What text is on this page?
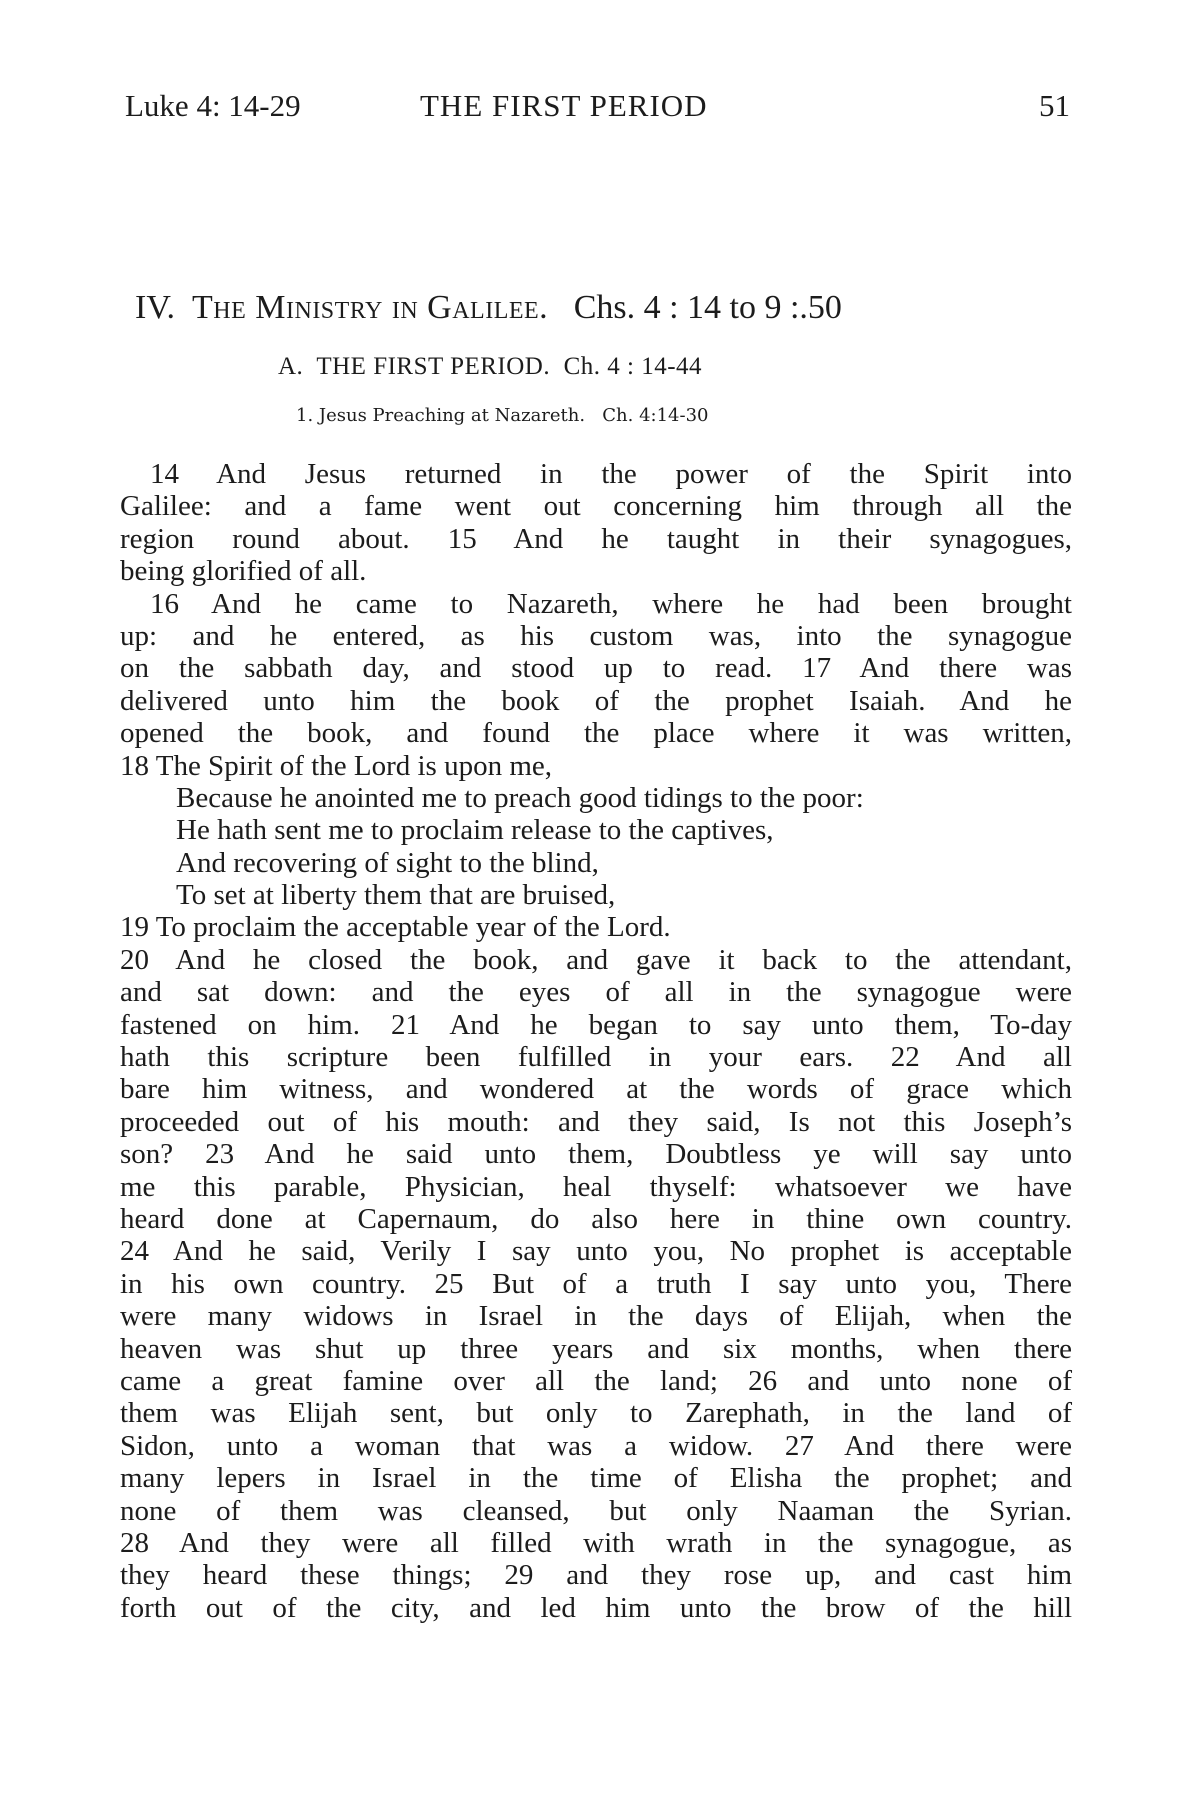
Luke 4: 14-29	THE FIRST PERIOD	51
IV. The Ministry in Galilee. Chs. 4 : 14 to 9 :.50
A.  THE FIRST PERIOD.  Ch. 4 : 14-44
1. Jesus Preaching at Nazareth.   Ch. 4:14-30
14 And Jesus returned in the power of the Spirit into
Galilee: and a fame went out concerning him through all the
region round about. 15 And he taught in their synagogues,
being glorified of all.
16 And he came to Nazareth, where he had been brought
up: and he entered, as his custom was, into the synagogue
on the sabbath day, and stood up to read. 17 And there was
delivered unto him the book of the prophet Isaiah. And he
opened the book, and found the place where it was written,
18 The Spirit of the Lord is upon me,
Because he anointed me to preach good tidings to the poor:
He hath sent me to proclaim release to the captives,
And recovering of sight to the blind,
To set at liberty them that are bruised,
19 To proclaim the acceptable year of the Lord.
20 And he closed the book, and gave it back to the attendant,
and sat down: and the eyes of all in the synagogue were
fastened on him. 21 And he began to say unto them, To-day
hath this scripture been fulfilled in your ears. 22 And all
bare him witness, and wondered at the words of grace which
proceeded out of his mouth: and they said, Is not this Joseph’s
son? 23 And he said unto them, Doubtless ye will say unto
me this parable, Physician, heal thyself: whatsoever we have
heard done at Capernaum, do also here in thine own country.
24 And he said, Verily I say unto you, No prophet is acceptable
in his own country. 25 But of a truth I say unto you, There
were many widows in Israel in the days of Elijah, when the
heaven was shut up three years and six months, when there
came a great famine over all the land; 26 and unto none of
them was Elijah sent, but only to Zarephath, in the land of
Sidon, unto a woman that was a widow. 27 And there were
many lepers in Israel in the time of Elisha the prophet; and
none of them was cleansed, but only Naaman the Syrian.
28 And they were all filled with wrath in the synagogue, as
they heard these things; 29 and they rose up, and cast him
forth out of the city, and led him unto the brow of the hill
